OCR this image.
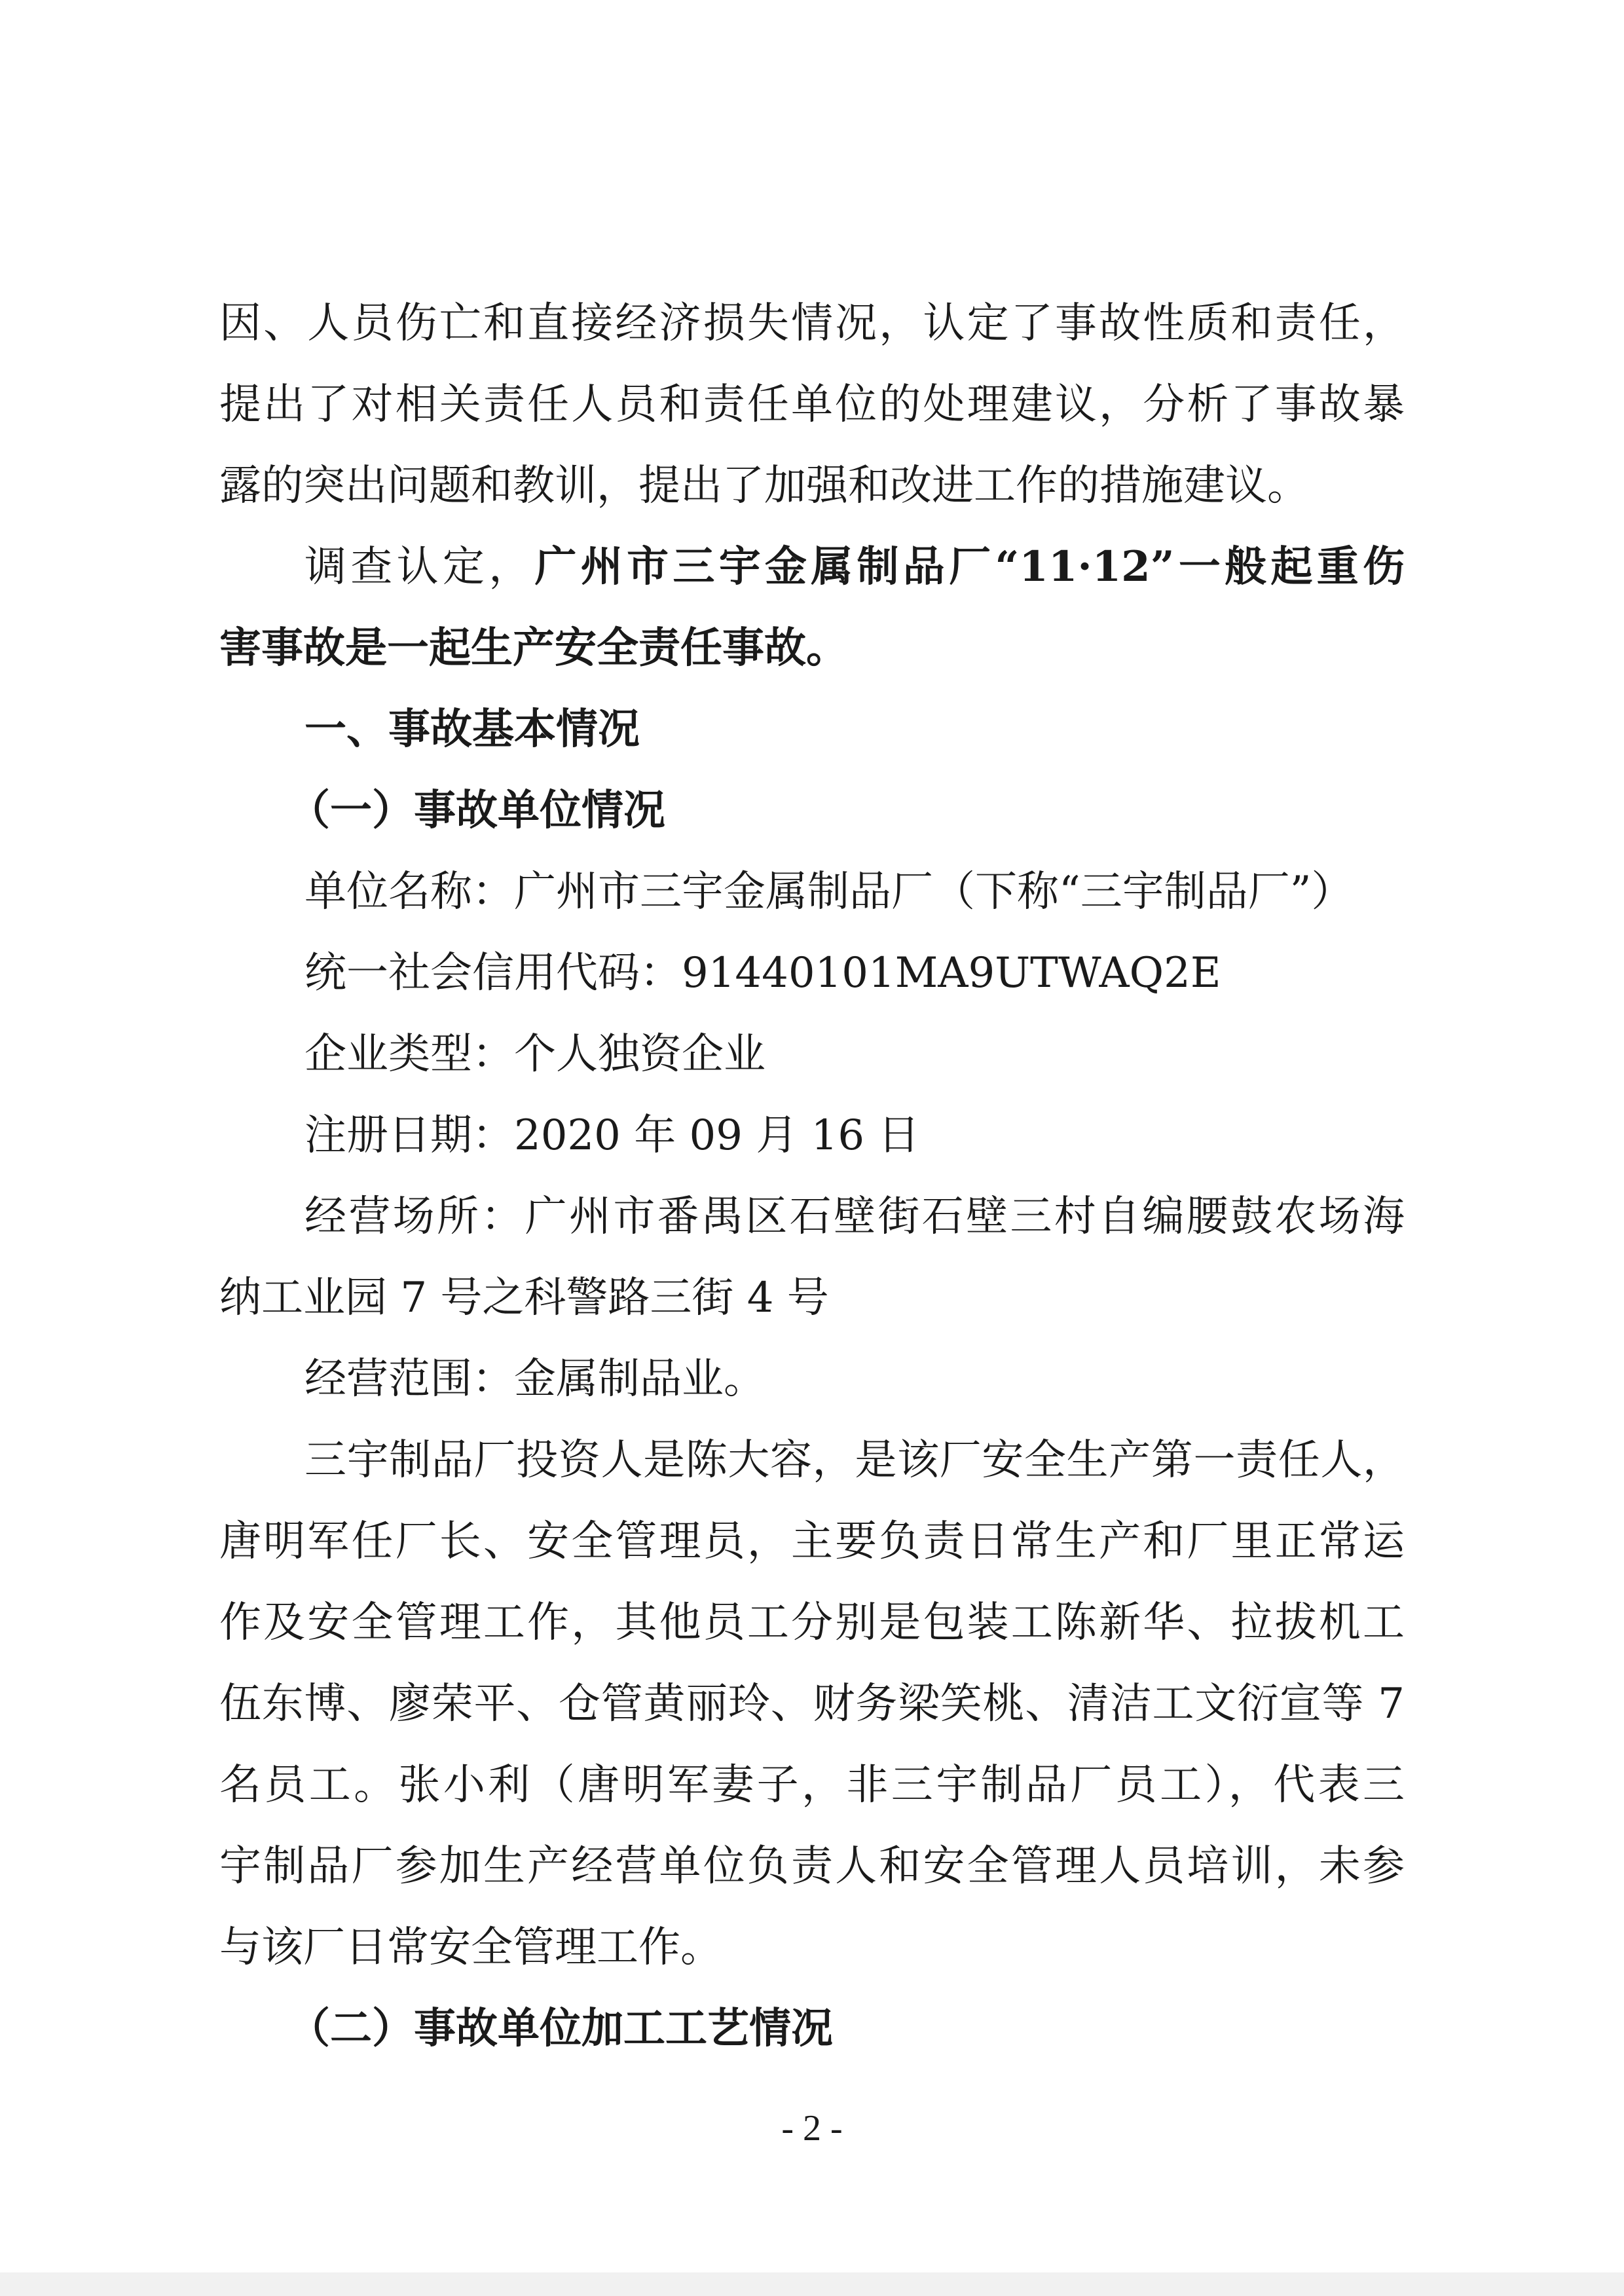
因、人员伤亡和直接经济损失情况，认定了事故性质和责任，
提出了对相关责任人员和责任单位的处理建议，分析了事故暴
露的突出问题和教训，提出了加强和改进工作的措施建议。
调查认定，广州市三宇金属制品厂“11·12”一般起重伤
害事故是一起生产安全责任事故。
一、事故基本情况
（一）事故单位情况
单位名称：广州市三宇金属制品厂（下称“三宇制品厂”）
统一社会信用代码：91440101MA9UTWAQ2E
企业类型：个人独资企业
注册日期：2020 年 09 月 16 日
经营场所：广州市番禺区石壁街石壁三村自编腰鼓农场海
纳工业园 7 号之科警路三街 4 号
经营范围：金属制品业。
三宇制品厂投资人是陈大容，是该厂安全生产第一责任人，
唐明军任厂长、安全管理员，主要负责日常生产和厂里正常运
作及安全管理工作，其他员工分别是包装工陈新华、拉拔机工
伍东博、廖荣平、仓管黄丽玲、财务梁笑桃、清洁工文衍宣等 7
名员工。张小利（唐明军妻子，非三宇制品厂员工），代表三
宇制品厂参加生产经营单位负责人和安全管理人员培训，未参
与该厂日常安全管理工作。
（二）事故单位加工工艺情况
- 2 -
